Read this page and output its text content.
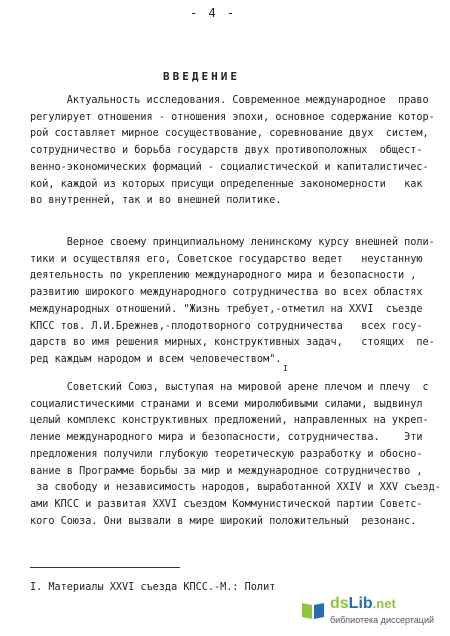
- 4 -
ВВЕДЕНИЕ
Актуальность исследования. Современное международное  право
регулирует отношения - отношения эпохи, основное содержание котор-
рой составляет мирное сосуществование, соревнование двух  систем,
сотрудничество и борьба государств двух противоположных  общест-
венно-экономических формаций - социалистической и капиталистичес-
кой, каждой из которых присущи определенные закономерности   как
во внутренней, так и во внешней политике.
Верное своему принципиальному ленинскому курсу внешней поли-
тики и осуществляя его, Советское государство ведет   неустанную
деятельность по укреплению международного мира и безопасности ,
развитию широкого международного сотрудничества во всех областях
международных отношений. "Жизнь требует,-отметил на XXVI  съезде
КПСС тов. Л.И.Брежнев,-плодотворного сотрудничества   всех госу-
дарств во имя решения мирных, конструктивных задач,   стоящих  пе-
ред каждым народом и всем человечеством".
Советский Союз, выступая на мировой арене плечом и плечу  с
социалистическими странами и всеми миролюбивыми силами, выдвинул
целый комплекс конструктивных предложений, направленных на укреп-
ление международного мира и безопасности, сотрудничества.    Эти
предложения получили глубокую теоретическую разработку и обосно-
вание в Программе борьбы за мир и международное сотрудничество ,
за свободу и независимость народов, выработанной XXIV и XXV съезд-
ами КПСС и развитая XXVI съездом Коммунистической партии Советс-
кого Союза. Они вызвали в мире широкий положительный  резонанс.
I
I. Материалы XXVI съезда КПСС.-М.: Полит
ds Lib .net
библиотека диссертаций
